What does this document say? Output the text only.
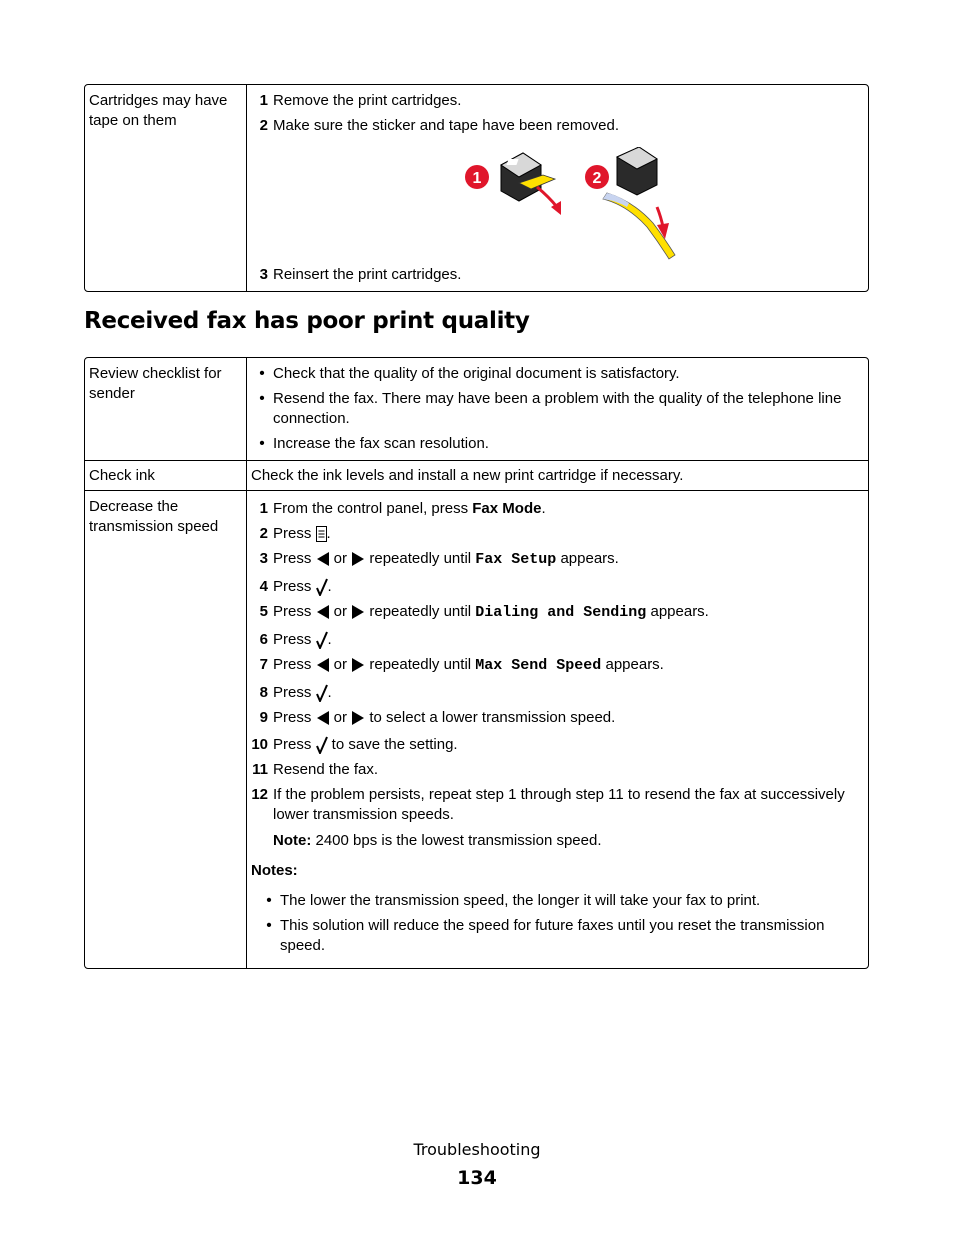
Cartridges may have tape on them
1 Remove the print cartridges.
2 Make sure the sticker and tape have been removed.
1	2
3 Reinsert the print cartridges.
Received fax has poor print quality
Review checklist for sender
• Check that the quality of the original document is satisfactory.
• Resend the fax. There may have been a problem with the quality of the telephone line connection.
• Increase the fax scan resolution.
Check ink	Check the ink levels and install a new print cartridge if necessary.
Decrease the transmission speed
1 From the control panel, press Fax Mode.
2 Press .
3 Press  or  repeatedly until Fax Setup appears.
4 Press .
5 Press  or  repeatedly until Dialing and Sending appears.
6 Press .
7 Press  or  repeatedly until Max Send Speed appears.
8 Press .
9 Press  or  to select a lower transmission speed.
10 Press  to save the setting.
11 Resend the fax.
12 If the problem persists, repeat step 1 through step 11 to resend the fax at successively lower transmission speeds.
Note: 2400 bps is the lowest transmission speed.
Notes:
• The lower the transmission speed, the longer it will take your fax to print.
• This solution will reduce the speed for future faxes until you reset the transmission speed.
Troubleshooting
134
